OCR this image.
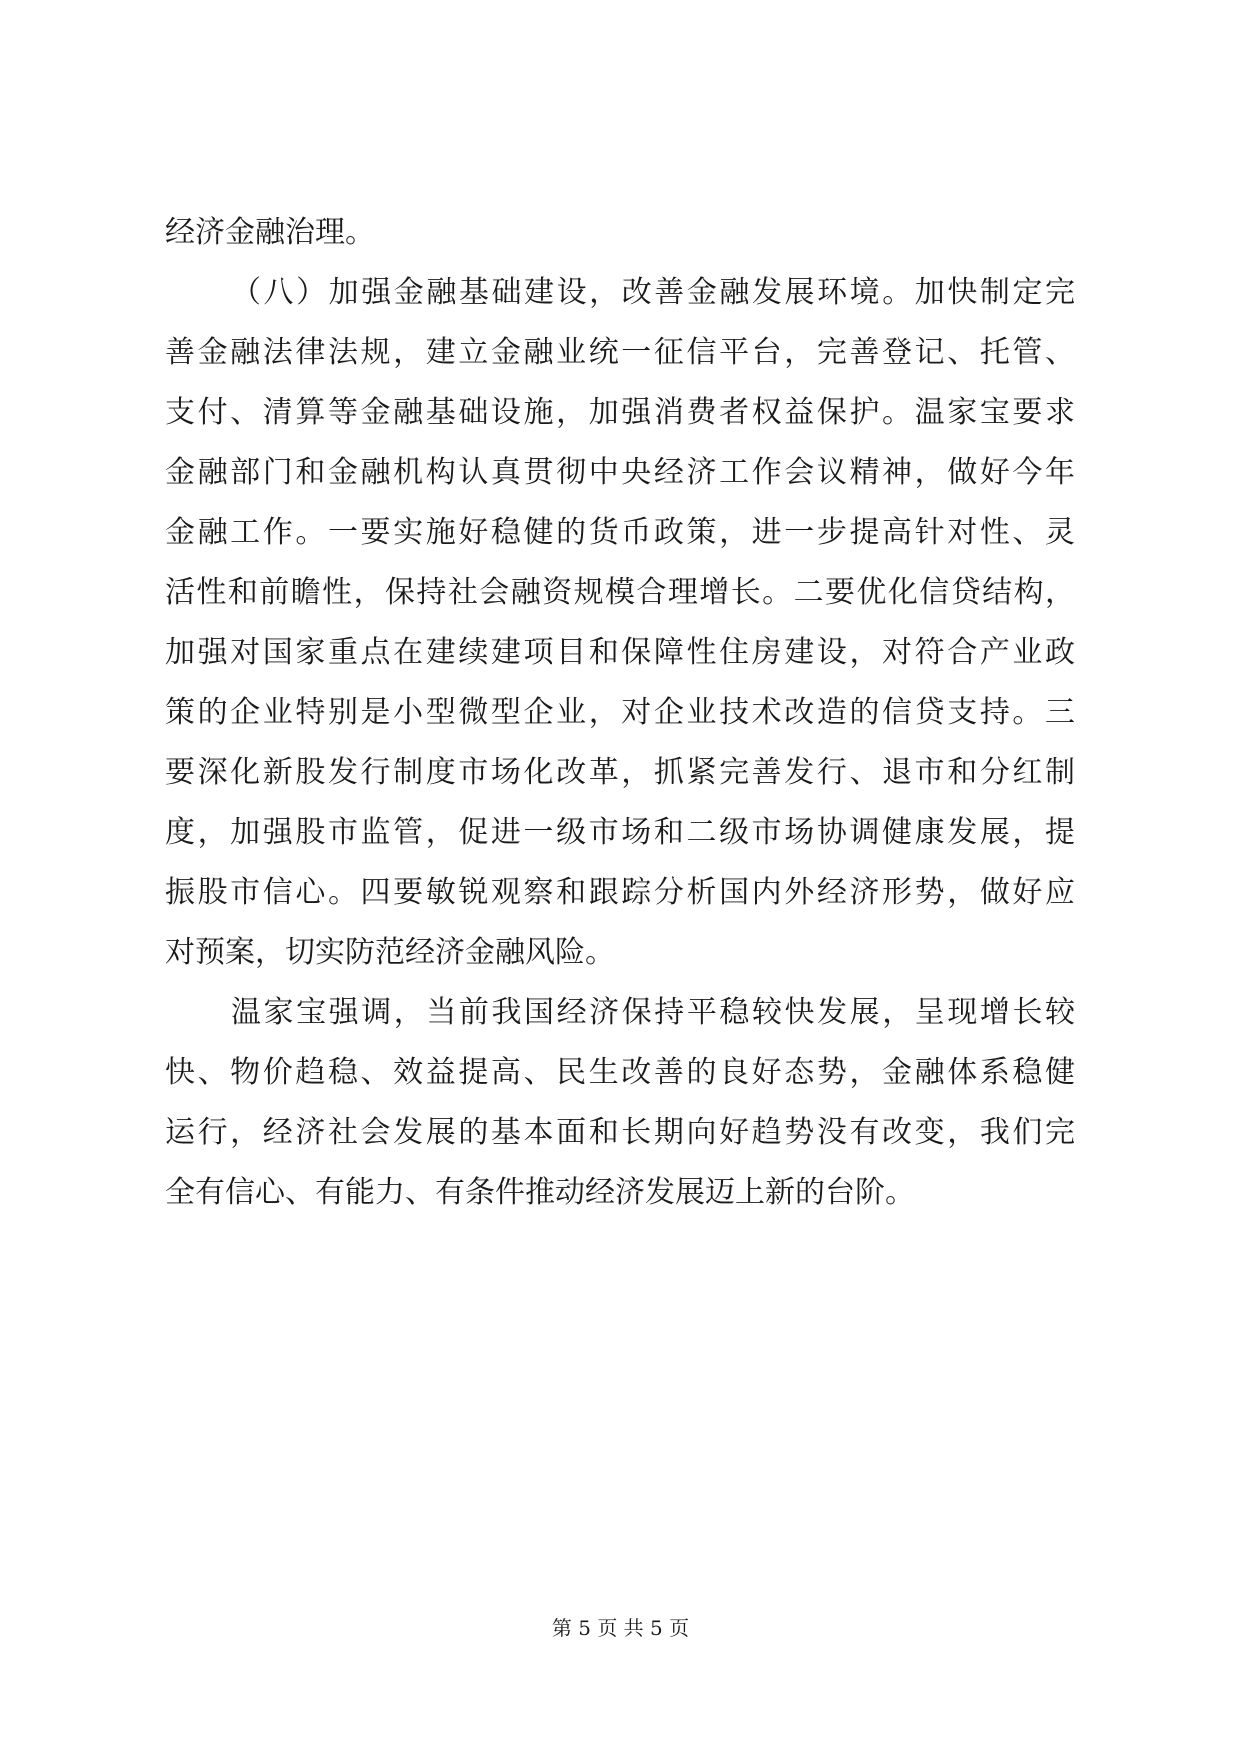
经济金融治理。
（八）加强金融基础建设，改善金融发展环境。加快制定完
善金融法律法规，建立金融业统一征信平台，完善登记、托管、
支付、清算等金融基础设施，加强消费者权益保护。温家宝要求
金融部门和金融机构认真贯彻中央经济工作会议精神，做好今年
金融工作。一要实施好稳健的货币政策，进一步提高针对性、灵
活性和前瞻性，保持社会融资规模合理增长。二要优化信贷结构，
加强对国家重点在建续建项目和保障性住房建设，对符合产业政
策的企业特别是小型微型企业，对企业技术改造的信贷支持。三
要深化新股发行制度市场化改革，抓紧完善发行、退市和分红制
度，加强股市监管，促进一级市场和二级市场协调健康发展，提
振股市信心。四要敏锐观察和跟踪分析国内外经济形势，做好应
对预案，切实防范经济金融风险。
温家宝强调，当前我国经济保持平稳较快发展，呈现增长较
快、物价趋稳、效益提高、民生改善的良好态势，金融体系稳健
运行，经济社会发展的基本面和长期向好趋势没有改变，我们完
全有信心、有能力、有条件推动经济发展迈上新的台阶。
第 5 页 共 5 页
